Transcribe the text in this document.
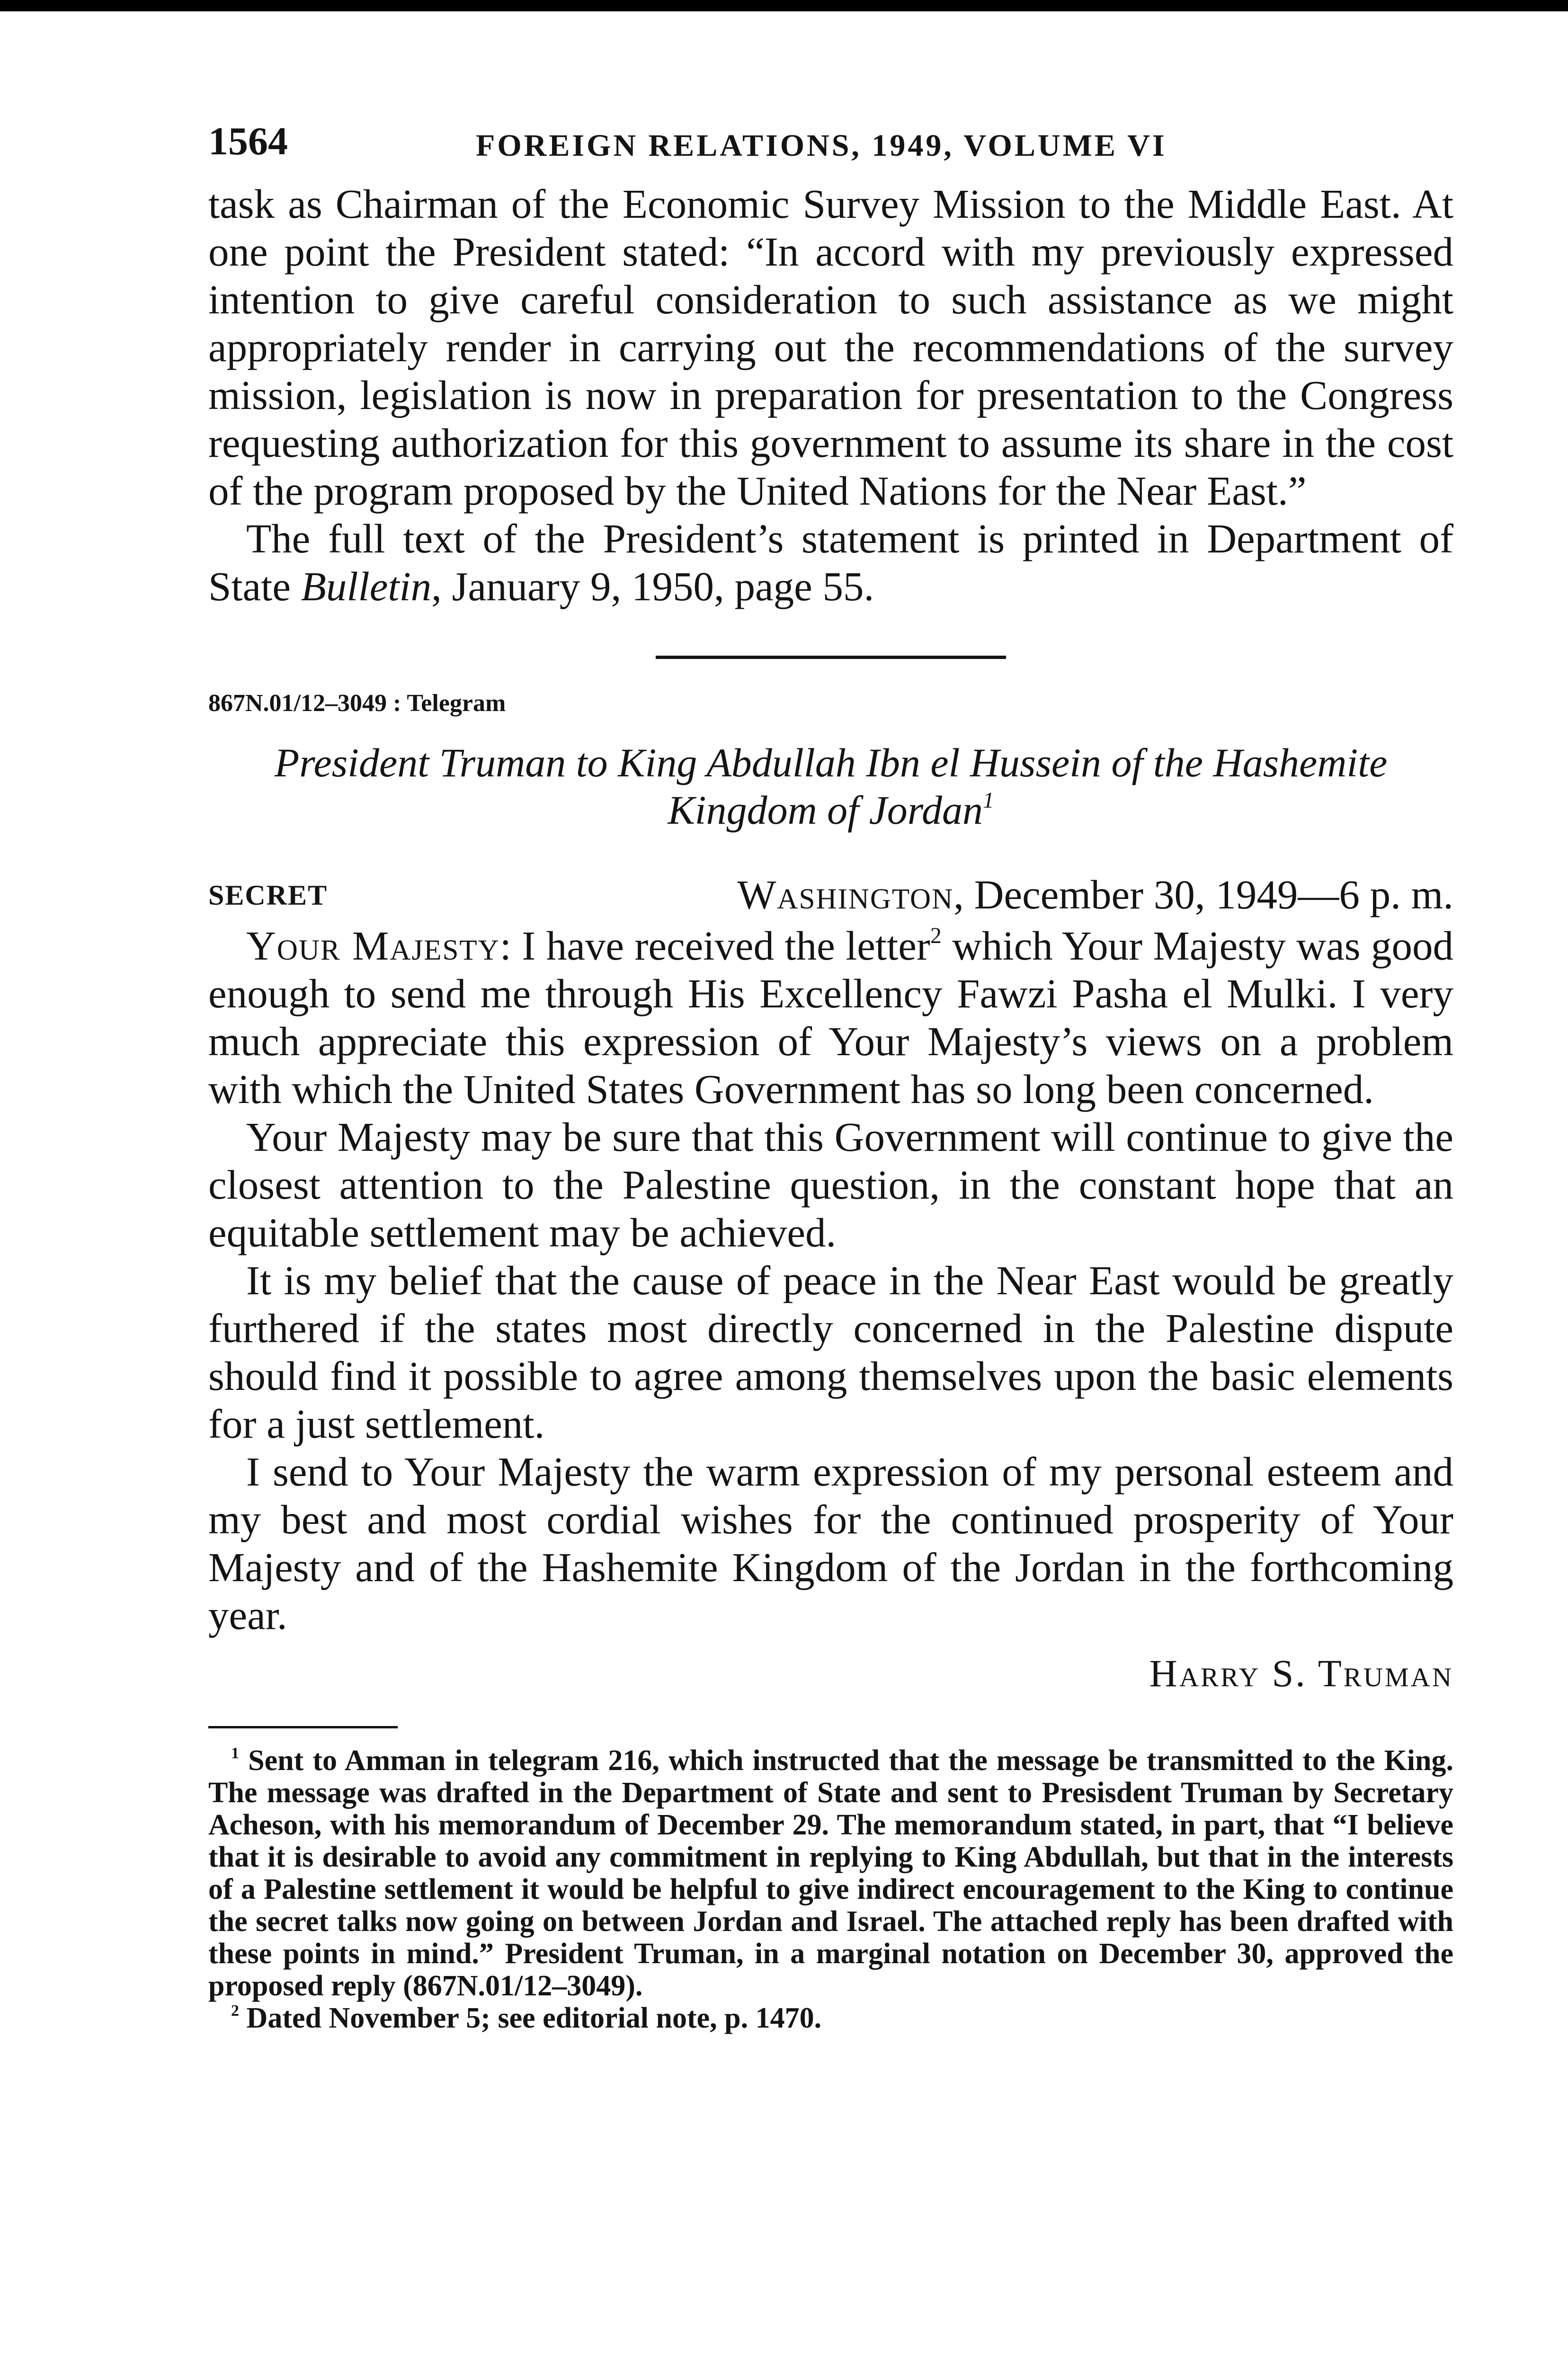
1564	FOREIGN RELATIONS, 1949, VOLUME VI

task as Chairman of the Economic Survey Mission to the Middle East. At one point the President stated: “In accord with my previously expressed intention to give careful consideration to such assistance as we might appropriately render in carrying out the recommendations of the survey mission, legislation is now in preparation for presentation to the Congress requesting authorization for this government to assume its share in the cost of the program proposed by the United Nations for the Near East.”

The full text of the President’s statement is printed in Department of State Bulletin, January 9, 1950, page 55.

867N.01/12–3049 : Telegram

President Truman to King Abdullah Ibn el Hussein of the Hashemite Kingdom of Jordan$^1$

SECRET	Washington, December 30, 1949—6 p. m.

Your Majesty: I have received the letter$^2$ which Your Majesty was good enough to send me through His Excellency Fawzi Pasha el Mulki. I very much appreciate this expression of Your Majesty’s views on a problem with which the United States Government has so long been concerned.

Your Majesty may be sure that this Government will continue to give the closest attention to the Palestine question, in the constant hope that an equitable settlement may be achieved.

It is my belief that the cause of peace in the Near East would be greatly furthered if the states most directly concerned in the Palestine dispute should find it possible to agree among themselves upon the basic elements for a just settlement.

I send to Your Majesty the warm expression of my personal esteem and my best and most cordial wishes for the continued prosperity of Your Majesty and of the Hashemite Kingdom of the Jordan in the forthcoming year.

Harry S. Truman

$^1$ Sent to Amman in telegram 216, which instructed that the message be transmitted to the King. The message was drafted in the Department of State and sent to Presisdent Truman by Secretary Acheson, with his memorandum of December 29. The memorandum stated, in part, that “I believe that it is desirable to avoid any commitment in replying to King Abdullah, but that in the interests of a Palestine settlement it would be helpful to give indirect encouragement to the King to continue the secret talks now going on between Jordan and Israel. The attached reply has been drafted with these points in mind.” President Truman, in a marginal notation on December 30, approved the proposed reply (867N.01/12–3049).

$^2$ Dated November 5; see editorial note, p. 1470.
